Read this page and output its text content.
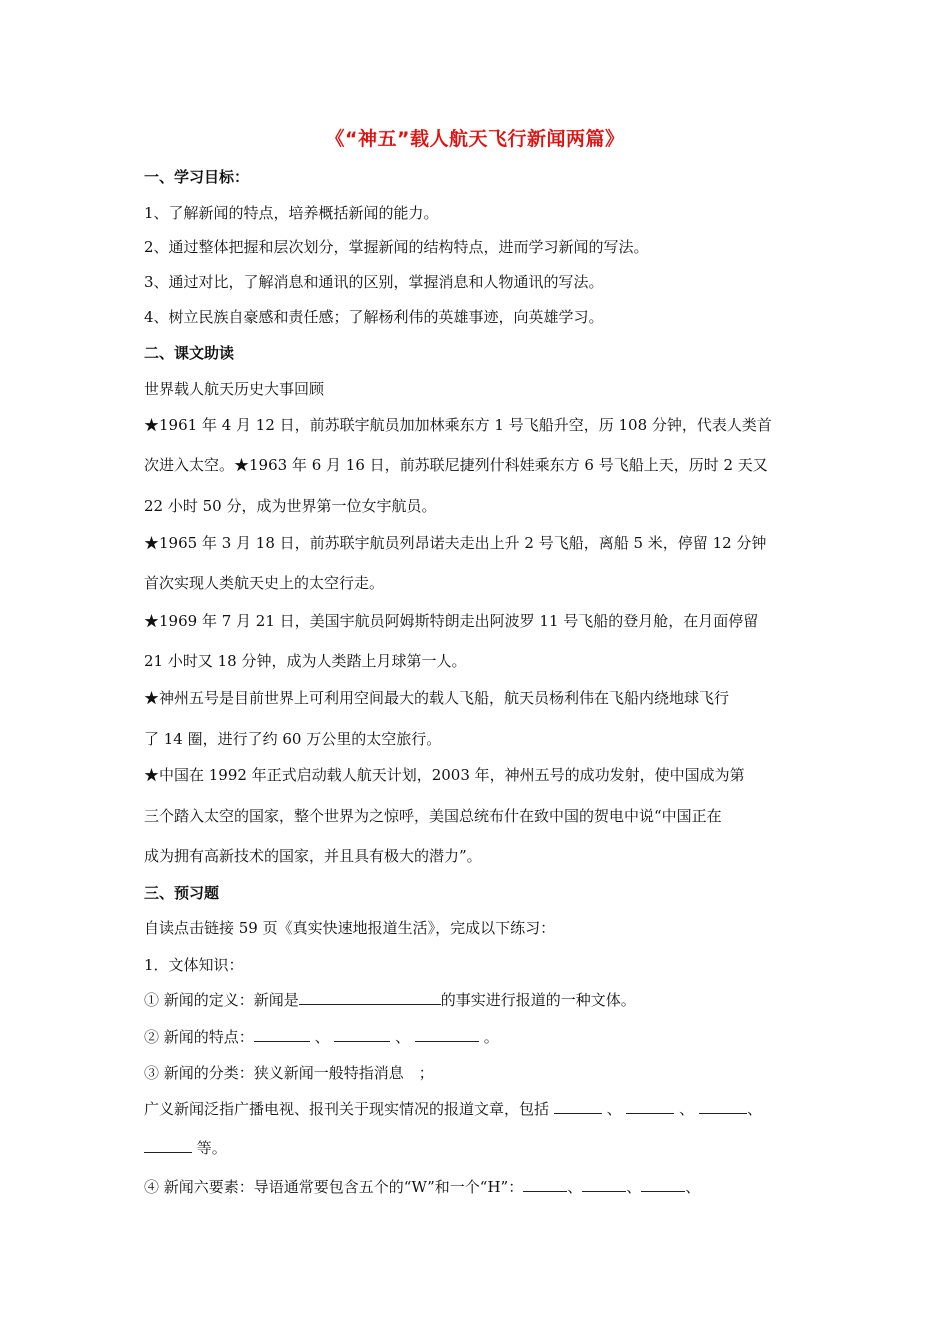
《“神五”载人航天飞行新闻两篇》
一、学习目标：
1、了解新闻的特点，培养概括新闻的能力。
2、通过整体把握和层次划分，掌握新闻的结构特点，进而学习新闻的写法。
3、通过对比，了解消息和通讯的区别，掌握消息和人物通讯的写法。
4、树立民族自豪感和责任感；了解杨利伟的英雄事迹，向英雄学习。
二、课文助读
世界载人航天历史大事回顾
★1961 年 4 月 12 日，前苏联宇航员加加林乘东方 1 号飞船升空，历 108 分钟，代表人类首
次进入太空。★1963 年 6 月 16 日，前苏联尼捷列什科娃乘东方 6 号飞船上天，历时 2 天又
22 小时 50 分，成为世界第一位女宇航员。
★1965 年 3 月 18 日，前苏联宇航员列昂诺夫走出上升 2 号飞船，离船 5 米，停留 12 分钟
首次实现人类航天史上的太空行走。
★1969 年 7 月 21 日，美国宇航员阿姆斯特朗走出阿波罗 11 号飞船的登月舱，在月面停留
21 小时又 18 分钟，成为人类踏上月球第一人。
★神州五号是目前世界上可利用空间最大的载人飞船，航天员杨利伟在飞船内绕地球飞行
了 14 圈，进行了约 60 万公里的太空旅行。
★中国在 1992 年正式启动载人航天计划，2003 年，神州五号的成功发射，使中国成为第
三个踏入太空的国家，整个世界为之惊呼，美国总统布什在致中国的贺电中说“中国正在
成为拥有高新技术的国家，并且具有极大的潜力”。
三、预习题
自读点击链接 59 页《真实快速地报道生活》，完成以下练习：
1．文体知识：
① 新闻的定义：新闻是	的事实进行报道的一种文体。
② 新闻的特点：	、	、	。
③ 新闻的分类：狭义新闻一般特指消息　；
广义新闻泛指广播电视、报刊关于现实情况的报道文章，包括	、	、	、
等。
④ 新闻六要素：导语通常要包含五个的“W”和一个“H”：	、	、	、
